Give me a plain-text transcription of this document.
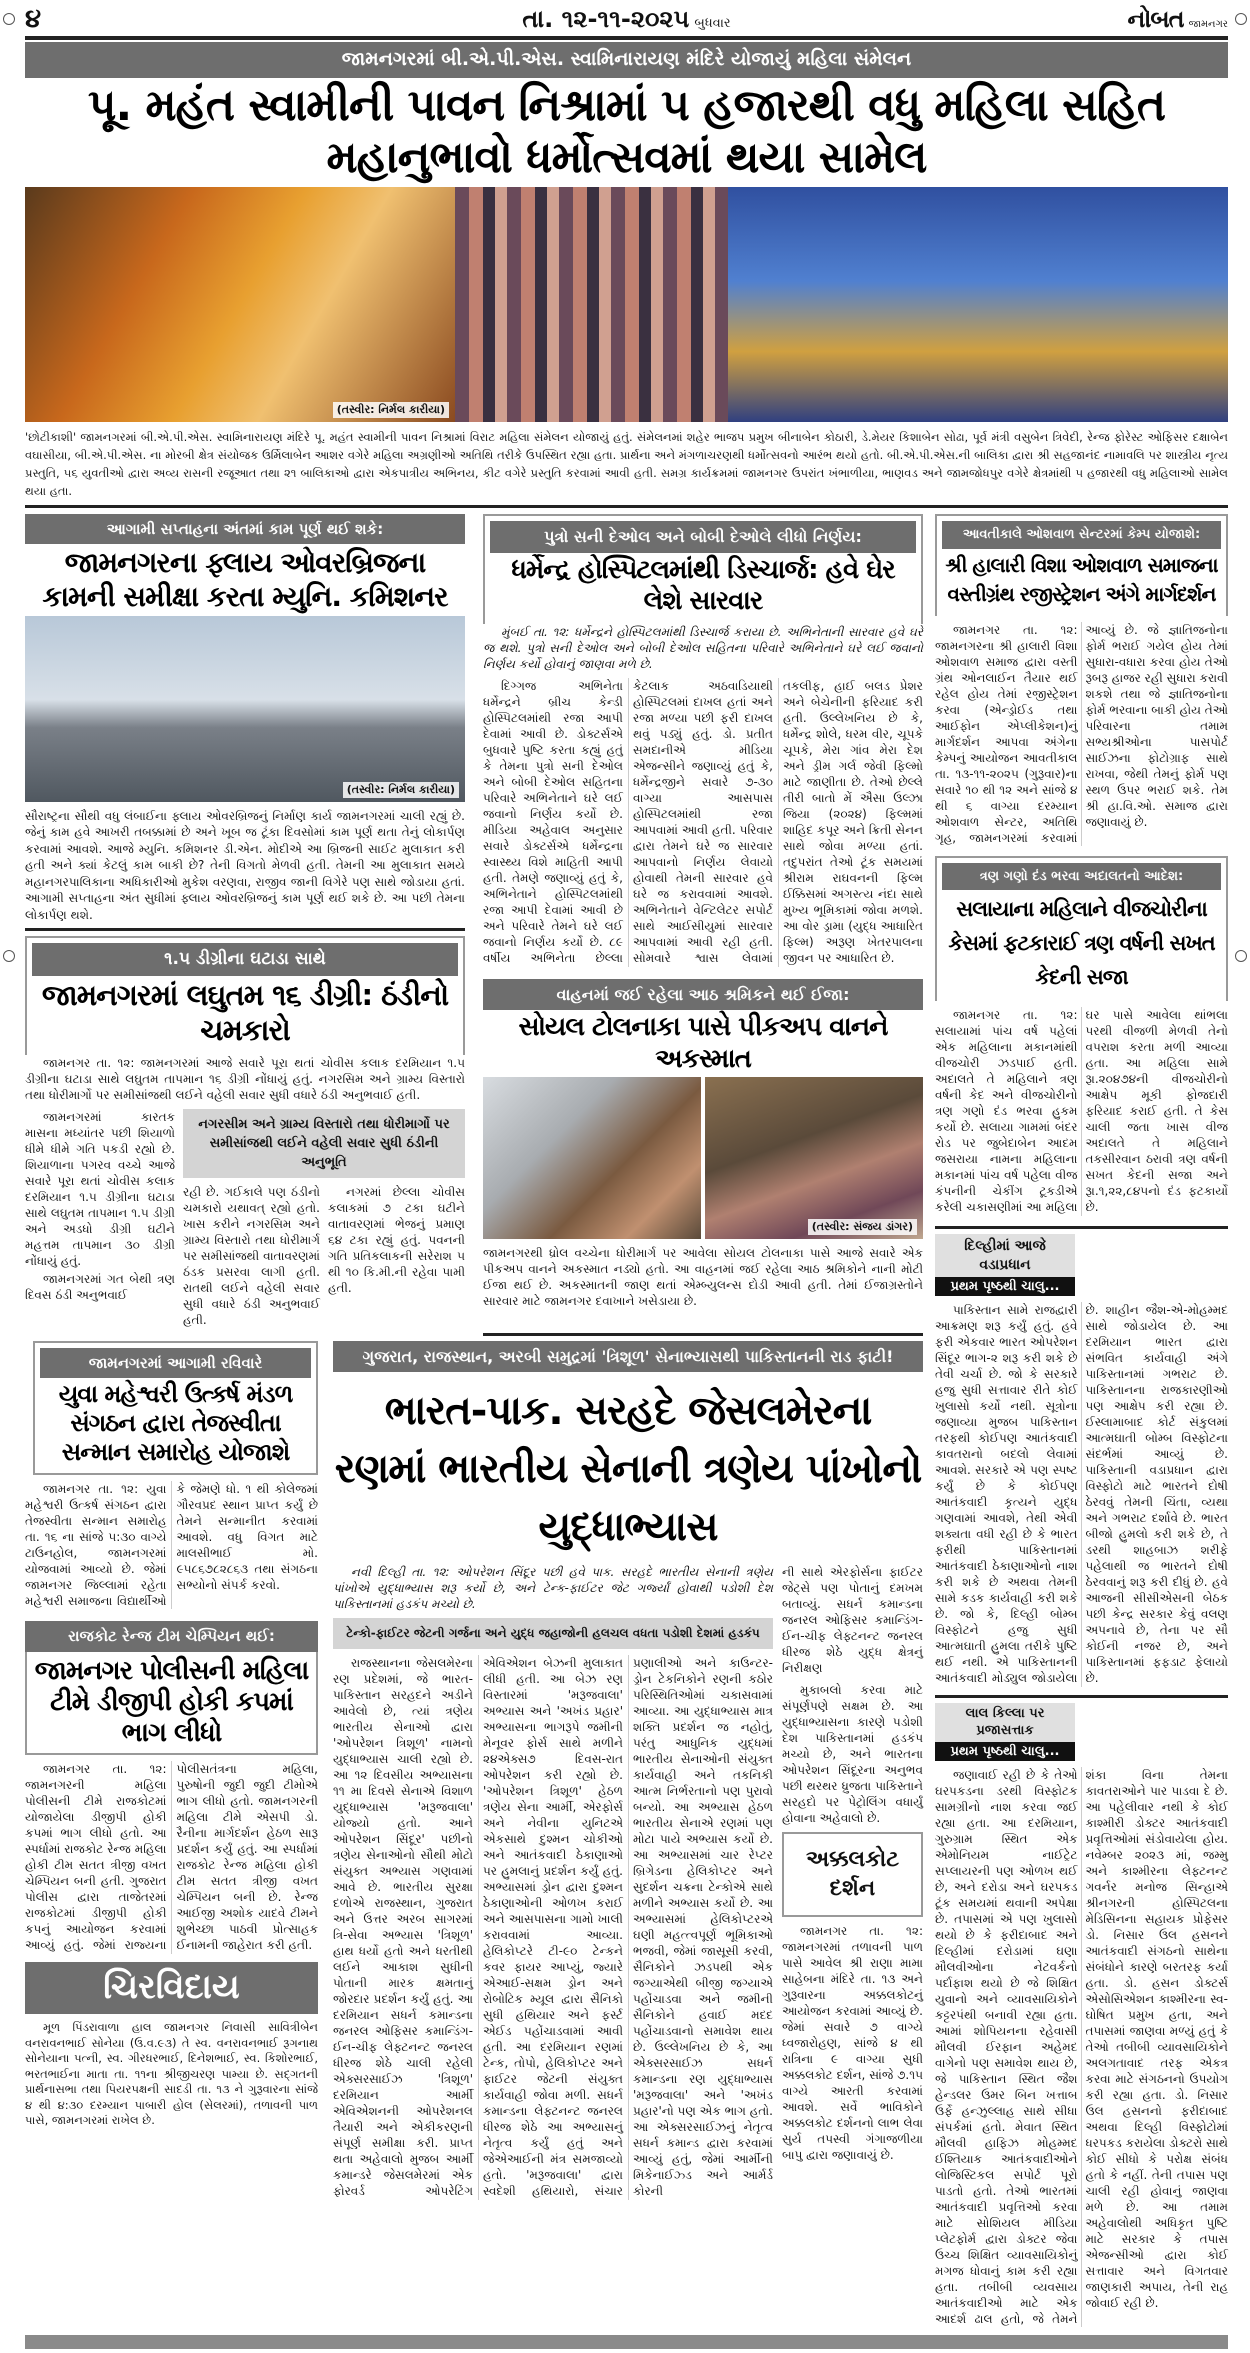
૪	તા. ૧૨-૧૧-૨૦૨૫ બુધવાર	નોબત જામનગર
જામનગરમાં બી.એ.પી.એસ. સ્વામિનારાયણ મંદિરે યોજાયું મહિલા સંમેલન
પૂ. મહંત સ્વામીની પાવન નિશ્રામાં ૫ હજારથી વધુ મહિલા સહિત મહાનુભાવો ધર્મોત્સવમાં થયા સામેલ
(તસ્વીર: નિર્મલ કારીયા)
'છોટીકાશી' જામનગરમાં બી.એ.પી.એસ. સ્વામિનારાયણ મંદિરે પૂ. મહંત સ્વામીની પાવન નિશ્રામાં વિરાટ મહિલા સંમેલન યોજાયું હતું. સંમેલનમાં શહેર ભાજપ પ્રમુખ બીનાબેન કોઠારી, ડે.મેયર કિશાબેન સોઢા, પૂર્વ મંત્રી વસુબેન ત્રિવેદી, રેન્જ ફોરેસ્ટ ઓફિસર દક્ષાબેન વઘાસીયા, બી.એ.પી.એસ. ના મોરબી ક્ષેત્ર સંયોજક ઉર્મિલાબેન આશર વગેરે મહિલા અગ્રણીઓ અતિથિ તરીકે ઉપસ્થિત રહ્યા હતા. પ્રાર્થના અને મંગળાચરણથી ધર્મોત્સવનો આરંભ થયો હતો. બી.એ.પી.એસ.ની બાલિકા દ્વારા શ્રી સહજાનંદ નામાવલિ પર શાસ્ત્રીય નૃત્ય પ્રસ્તુતિ, ૫૬ યુવતીઓ દ્વારા અવ્ય રાસની રજૂઆત તથા ૨૧ બાલિકાઓ દ્વારા એકપાત્રીય અભિનય, કીટ વગેરે પ્રસ્તુતિ કરવામાં આવી હતી. સમગ્ર કાર્યક્રમમાં જામનગર ઉપરાંત ખંભાળીયા, ભાણવડ અને જામજોધપુર વગેરે ક્ષેત્રમાંથી ૫ હજારથી વધુ મહિલાઓ સામેલ થયા હતા.
આગામી સપ્તાહના અંતમાં કામ પૂર્ણ થઈ શકે:
જામનગરના ફ્લાય ઓવરબ્રિજના કામની સમીક્ષા કરતા મ્યુનિ. કમિશનર
(તસ્વીર: નિર્મલ કારીયા)
સૌરાષ્ટ્રના સૌથી વધુ લંબાઈના ફ્લાય ઓવરબ્રિજનું નિર્માણ કાર્ય જામનગરમાં ચાલી રહ્યું છે. જેનું કામ હવે આખરી તબક્કામાં છે અને ખૂબ જ ટૂંકા દિવસોમાં કામ પૂર્ણ થતા તેનું લોકાર્પણ કરવામાં આવશે. આજે મ્યુનિ. કમિશનર ડી.એન. મોદીએ આ બ્રિજની સાઈટ મુલાકાત કરી હતી અને ક્યાં કેટલું કામ બાકી છે? તેની વિગતો મેળવી હતી. તેમની આ મુલાકાત સમયે મહાનગરપાલિકાના અધિકારીઓ મુકેશ વરણવા, રાજીવ જાની વિગેરે પણ સાથે જોડાયા હતાં. આગામી સપ્તાહના અંત સુધીમાં ફ્લાય ઓવરબ્રિજનું કામ પૂર્ણ થઈ શકે છે. આ પછી તેમના લોકાર્પણ થશે.
૧.૫ ડીગ્રીના ઘટાડા સાથે
જામનગરમાં લઘુતમ ૧૬ ડીગ્રી: ઠંડીનો ચમકારો

જામનગર તા. ૧૨: જામનગરમાં આજે સવારે પૂરા થતાં ચોવીસ કલાક દરમિયાન ૧.૫ ડીગ્રીના ઘટાડા સાથે લઘુતમ તાપમાન ૧૬ ડીગ્રી નોંધાયું હતું. નગરસિમ અને ગ્રામ્ય વિસ્તારો તથા ધોરીમાર્ગો પર સમીસાંજથી લઈને વહેલી સવાર સુધી વધારે ઠંડી અનુભવાઈ હતી.

જામનગરમાં કારતક માસના મધ્યાંતર પછી શિયાળો ધીમે ધીમે ગતિ પકડી રહ્યો છે. શિયાળાના પગરવ વચ્ચે આજે સવારે પૂરા થતાં ચોવીસ કલાક દરમિયાન ૧.૫ ડીગ્રીના ઘટાડા સાથે લઘુતમ તાપમાન ૧.૫ ડીગ્રી અને અડધો ડીગ્રી ઘટીને મહત્તમ તાપમાન ૩૦ ડીગ્રી નોંધાયું હતું.

જામનગરમાં ગત બેથી ત્રણ દિવસ ઠંડી અનુભવાઈ

નગરસીમ અને ગ્રામ્ય વિસ્તારો તથા ધોરીમાર્ગો પર સમીસાંજથી લઈને વહેલી સવાર સુધી ઠંડીની અનુભૂતિ
રહી છે. ગઈકાલે પણ ઠંડીનો ચમકારો યથાવત્ રહ્યો હતો. ખાસ કરીને નગરસિમ અને ગ્રામ્ય વિસ્તારો તથા ધોરીમાર્ગ પર સમીસાંજથી વાતાવરણમાં ઠંડક પ્રસરવા લાગી હતી. રાતથી લઈને વહેલી સવાર સુધી વધારે ઠંડી અનુભવાઈ હતી.

નગરમાં છેલ્લા ચોવીસ કલાકમાં ૭ ટકા ઘટીને વાતાવરણમાં ભેજનું પ્રમાણ ૬૪ ટકા રહ્યું હતું. પવનની ગતિ પ્રતિકલાકની સરેરાશ ૫ થી ૧૦ કિ.મી.ની રહેવા પામી હતી.

પુત્રો સની દેઓલ અને બોબી દેઓલે લીધો નિર્ણય:
ધર્મેન્દ્ર હોસ્પિટલમાંથી ડિસ્ચાર્જ: હવે ઘેર લેશે સારવાર

મુંબઈ તા. ૧૨: ધર્મેન્દ્રને હોસ્પિટલમાંથી ડિસ્ચાર્જ કરાયા છે. અભિનેતાની સારવાર હવે ઘરે જ થશે. પુત્રો સની દેઓલ અને બોબી દેઓલ સહિતના પરિવારે અભિનેતાને ઘરે લઈ જવાનો નિર્ણય કર્યો હોવાનું જાણવા મળે છે.

દિગ્ગજ અભિનેતા ધર્મેન્દ્રને બ્રીચ કેન્ડી હોસ્પિટલમાંથી રજા આપી દેવામાં આવી છે. ડોક્ટર્સએ બુધવારે પુષ્ટિ કરતા કહ્યું હતું કે તેમના પુત્રો સની દેઓલ અને બોબી દેઓલ સહિતના પરિવારે અભિનેતાને ઘરે લઈ જવાનો નિર્ણય કર્યો છે. મીડિયા અહેવાલ અનુસાર સવારે ડોક્ટર્સએ ધર્મેન્દ્રના સ્વાસ્થ્ય વિશે માહિતી આપી હતી. તેમણે જણાવ્યું હતું કે, અભિનેતાને હોસ્પિટલમાંથી રજા આપી દેવામાં આવી છે અને પરિવારે તેમને ઘરે લઈ જવાનો નિર્ણય કર્યો છે. ૮૯ વર્ષીય અભિનેતા છેલ્લા કેટલાક અઠવાડિયાથી હોસ્પિટલમાં દાખલ હતાં અને રજા મળ્યા પછી ફરી દાખલ થવું પડ્યું હતું. ડો. પ્રતીત સમદાનીએ મીડિયા એજન્સીને જણાવ્યું હતું કે, ધર્મેન્દ્રજીને સવારે ૭-૩૦ વાગ્યા આસપાસ હોસ્પિટલમાંથી રજા આપવામાં આવી હતી. પરિવાર દ્વારા તેમને ઘરે જ સારવાર આપવાનો નિર્ણય લેવાયો હોવાથી તેમની સારવાર હવે ઘરે જ કરાવવામાં આવશે. અભિનેતાને વેન્ટિલેટર સપોર્ટ સાથે આઈસીયુમાં સારવાર આપવામાં આવી રહી હતી. સોમવારે શ્વાસ લેવામાં તકલીફ, હાઈ બલડ પ્રેશર અને બેચેનીની ફરિયાદ કરી હતી. ઉલ્લેખનિય છે કે, ધર્મેન્દ્ર શોલે, ધરમ વીર, ચૂપકે ચૂપકે, મેરા ગાંવ મેરા દેશ અને ડ્રીમ ગર્લ જેવી ફિલ્મો માટે જાણીતા છે. તેઓ છેલ્લે તીરી બાતો મેં ઐસા ઉલ્ઝા જિયા (૨૦૨૪) ફિલ્મમાં શાહિદ કપૂર અને ક્રિતી સેનન સાથે જોવા મળ્યા હતાં. તદુપરાંત તેઓ ટૂંક સમયમાં શ્રીરામ રાઘવનની ફિલ્મ ઈક્કિસમાં અગસ્ત્ય નંદા સાથે મુખ્ય ભૂમિકામાં જોવા મળશે. આ વોર ડ્રામા (યુદ્ધ આધારિત ફિલ્મ) અરૂણ ખેતરપાલના જીવન પર આધારિત છે.

વાહનમાં જઈ રહેલા આઠ શ્રમિકને થઈ ઈજા:
સોયલ ટોલનાકા પાસે પીકઅપ વાનને અકસ્માત
(તસ્વીર: સંજય ડાંગર)
જામનગરથી ધ્રોલ વચ્ચેના ધોરીમાર્ગ પર આવેલા સોયલ ટોલનાકા પાસે આજે સવારે એક પીકઅપ વાનને અકસ્માત નડ્યો હતો. આ વાહનમાં જઈ રહેલા આઠ શ્રમિકોને નાની મોટી ઈજા થઈ છે. અકસ્માતની જાણ થતાં એમ્બ્યુલન્સ દોડી આવી હતી. તેમાં ઈજાગ્રસ્તોને સારવાર માટે જામનગર દવાખાને ખસેડાયા છે.
જામનગરમાં આગામી રવિવારે
યુવા મહેશ્વરી ઉત્કર્ષ મંડળ સંગઠન દ્વારા તેજસ્વીતા સન્માન સમારોહ યોજાશે

જામનગર તા. ૧૨: યુવા મહેશ્વરી ઉત્કર્ષ સંગઠન દ્વારા તેજસ્વીતા સન્માન સમારોહ તા. ૧૬ ના સાંજે ૫:૩૦ વાગ્યે ટાઉનહોલ, જામનગરમાં યોજવામાં આવ્યો છે. જેમાં જામનગર જિલ્લામાં રહેતા મહેશ્વરી સમાજના વિદ્યાર્થીઓ કે જેમણે ધો. ૧ થી કોલેજમાં ગૌરવપ્રદ સ્થાન પ્રાપ્ત કર્યું છે તેમને સન્માનીત કરવામાં આવશે. વધુ વિગત માટે માલસીભાઈ મો. ૯૫૮૬૭૮૨૮૬૩ તથા સંગઠના સભ્યોનો સંપર્ક કરવો.

રાજકોટ રેન્જ ટીમ ચેમ્પિયન થઈ:
જામનગર પોલીસની મહિલા ટીમે ડીજીપી હોકી કપમાં ભાગ લીધો

જામનગર તા. ૧૨: જામનગરની મહિલા પોલીસની ટીમે રાજકોટમાં યોજાયેલા ડીજીપી હોકી કપમાં ભાગ લીધો હતો. આ સ્પર્ધામાં રાજકોટ રેન્જ મહિલા હોકી ટીમ સતત ત્રીજી વખત ચેમ્પિયન બની હતી. ગુજરાત પોલીસ દ્વારા તાજેતરમાં રાજકોટમાં ડીજીપી હોકી કપનું આયોજન કરવામાં આવ્યું હતું. જેમાં રાજ્યના પોલીસતંત્રના મહિલા, પુરુષોની જુદી જુદી ટીમોએ ભાગ લીધો હતો. જામનગરની મહિલા ટીમે એસપી ડો. રૈનીના માર્ગદર્શન હેઠળ સારૂ પ્રદર્શન કર્યું હતું. આ સ્પર્ધામાં રાજકોટ રેન્જ મહિલા હોકી ટીમ સતત ત્રીજી વખત ચેમ્પિયન બની છે. રેન્જ આઈજી અશોક યાદવે ટીમને શુભેચ્છા પાઠવી પ્રોત્સાહક ઈનામની જાહેરાત કરી હતી.

ચિરવિદાય

મૂળ પિંડરાવાળા હાલ જામનગર નિવાસી સાવિત્રીબેન વનરાવનભાઈ સોનેયા (ઉ.વ.૯૩) તે સ્વ. વનરાવનભાઈ રૂગનાથ સોનેયાના પત્ની, સ્વ. ગીરધરભાઈ, દિનેશભાઈ, સ્વ. કિશોરભાઈ, ભરતભાઈના માતા તા. ૧૧ના શ્રીજીચરણ પામ્યા છે. સદ્ગતની પ્રાર્થનાસભા તથા પિયરપક્ષની સાદડી તા. ૧૩ ને ગુરૂવારના સાંજે ૪ થી ૪:૩૦ દરમ્યાન પાબારી હોલ (સેલરમાં), તળાવની પાળ પાસે, જામનગરમાં રાખેલ છે.

ગુજરાત, રાજસ્થાન, અરબી સમુદ્રમાં 'ત્રિશૂળ' સેનાભ્યાસથી પાકિસ્તાનની રાડ ફાટી!
ભારત-પાક. સરહદે જેસલમેરના રણમાં ભારતીય સેનાની ત્રણેય પાંખોનો યુદ્ધાભ્યાસ

નવી દિલ્હી તા. ૧૨: ઓપરેશન સિંદૂર પછી હવે પાક. સરહદે ભારતીય સેનાની ત્રણેય પાંખોએ યુદ્ધાભ્યાસ શરૂ કર્યો છે, અને ટેન્ક-ફાઈટર જેટ ગર્જ્યાં હોવાથી પડોશી દેશ પાકિસ્તાનમાં હડકંપ મચ્યો છે.

ટેન્કો-ફાઈટર જેટની ગર્જના અને યુદ્ધ જહાજોની હલચલ વધતા પડોશી દેશમાં હડકંપ

રાજસ્થાનના જેસલમેરના રણ પ્રદેશમાં, જે ભારત-પાકિસ્તાન સરહદને અડીને આવેલો છે, ત્યાં ત્રણેય ભારતીય સેનાઓ દ્વારા 'ઓપરેશન ત્રિશૂળ' નામનો યુદ્ધાભ્યાસ ચાલી રહ્યો છે. આ ૧૨ દિવસીય અભ્યાસના ૧૧ મા દિવસે સેનાએ વિશાળ યુદ્ધાભ્યાસ 'મરૂજવાલા' યોજ્યો હતો. આને ઓપરેશન સિંદૂર' પછીનો ત્રણેય સેનાઓનો સૌથી મોટો સંયુક્ત અભ્યાસ ગણવામાં આવે છે. ભારતીય સુરક્ષા દળોએ રાજસ્થાન, ગુજરાત અને ઉત્તર અરબ સાગરમાં ત્રિ-સેવા અભ્યાસ 'ત્રિશૂળ' હાથ ધર્યો હતો અને ધરતીથી લઈને આકાશ સુધીની પોતાની મારક ક્ષમતાનું જોરદાર પ્રદર્શન કર્યું હતું. આ દરમિયાન સધર્ન કમાન્ડના જનરલ ઓફિસર કમાન્ડિંગ-ઈન-ચીફ લેફ્ટનન્ટ જનરલ ધીરજ શેઠે ચાલી રહેલી એક્સરસાઈઝ 'ત્રિશૂળ' દરમિયાન આર્મી એવિએશનની ઓપરેશનલ તૈયારી અને એકીકરણની સંપૂર્ણ સમીક્ષા કરી. પ્રાપ્ત થતા અહેવાલો મુજબ આર્મી કમાન્ડરે જેસલમેરમાં એક ફોરવર્ડ ઓપરેટિંગ એવિએશન બેઝની મુલાકાત લીધી હતી. આ બેઝ રણ વિસ્તારમાં 'મરૂજવાલા' અભ્યાસ અને 'અખંડ પ્રહાર' અભ્યાસના ભાગરૂપે જમીની મેનૂવર ફોર્સ સાથે મળીને ૨૪એક્સ૭ દિવસ-રાત ઓપરેશન કરી રહ્યો છે. 'ઓપરેશન ત્રિશૂળ' હેઠળ ત્રણેય સેના આર્મી, એરફોર્સ અને નેવીના યુનિટએ એકસાથે દુશ્મન ચોકીઓ અને આતંકવાદી ઠેકાણાઓ પર હુમલાનું પ્રદર્શન કર્યું હતું. અભ્યાસમાં ડ્રોન દ્વારા દુશ્મન ઠેકાણાઓની ઓળખ કરાઈ અને આસપાસના ગામો ખાલી કરાવવામાં આવ્યા. હેલિકોપ્ટરે ટી-૯૦ ટેન્કને કવર ફાયર આપ્યું, જ્યારે એઆઈ-સક્ષમ ડ્રોન અને રોબોટિક મ્યૂલ દ્વારા સૈનિકો સુધી હથિયાર અને ફર્સ્ટ એઈડ પહોંચાડવામાં આવી હતી. આ દરમિયાન રણમાં ટેન્ક, તોપો, હેલિકોપ્ટર અને ફાઈટર જેટની સંયુક્ત કાર્યવાહી જોવા મળી. સધર્ન કમાન્ડના લેફ્ટનન્ટ જનરલ ધીરજ શેઠે આ અભ્યાસનું નેતૃત્વ કર્યું હતું અને જેએઆઈની મંત્ર સમજાવ્યો હતો. 'મરૂજવાલા' દ્વારા સ્વદેશી હથિયારો, સંચાર પ્રણાલીઓ અને કાઉન્ટર-ડ્રોન ટેકનિકોને રણની કઠોર પરિસ્થિતિઓમાં ચકાસવામાં આવ્યા. આ યુદ્ધાભ્યાસ માત્ર શક્તિ પ્રદર્શન જ નહોતું, પરંતુ આધુનિક યુદ્ધમાં ભારતીય સેનાઓની સંયુક્ત કાર્યવાહી અને તકનિકી આત્મ નિર્ભરતાનો પણ પુરાવો બન્યો. આ અભ્યાસ હેઠળ ભારતીય સેનાએ રણમાં પણ મોટા પાયે અભ્યાસ કર્યો છે. આ અભ્યાસમાં ચાર રેપ્ટર બ્રિગેડના હેલિકોપ્ટર અને સુદર્શન ચક્રના ટેન્કોએ સાથે મળીને અભ્યાસ કર્યો છે. આ અભ્યાસમાં હેલિકોપ્ટરએ ઘણી મહત્ત્વપૂર્ણ ભૂમિકાઓ ભજવી, જેમાં જાસૂસી કરવી, સૈનિકોને ઝડપથી એક જગ્યાએથી બીજી જગ્યાએ પહોંચાડવા અને જમીની સૈનિકોને હવાઈ મદદ પહોંચાડવાનો સમાવેશ થાય છે. ઉલ્લેખનિય છે કે, આ એક્સરસાઈઝ સધર્ન કમાન્ડના રણ યુદ્ધાભ્યાસ 'મરૂજવાલા' અને 'અખંડ પ્રહાર'નો પણ એક ભાગ હતો. આ એક્સરસાઈઝનું નેતૃત્વ સધર્ન કમાન્ડ દ્વારા કરવામાં આવ્યું હતું, જેમાં આર્મીની મિકેનાઈઝ્ડ અને આર્મર્ડ કોરની

ની સાથે એરફોર્સના ફાઈટર જેટ્સે પણ પોતાનું દમખમ બતાવ્યું. સધર્ન કમાન્ડના જનરલ ઓફિસર કમાન્ડિંગ-ઈન-ચીફ લેફ્ટનન્ટ જનરલ ધીરજ શેઠે યુદ્ધ ક્ષેત્રનું નિરીક્ષણ

મુકાબલો કરવા માટે સંપૂર્ણપણે સક્ષમ છે. આ યુદ્ધાભ્યાસના કારણે પડોશી દેશ પાકિસ્તાનમાં હડકંપ મચ્યો છે, અને ભારતના ઓપરેશન સિંદૂરના અનુભવ પછી થરથર ધ્રુજતા પાકિસ્તાને સરહદો પર પેટ્રોલિંગ વધાર્યું હોવાના અહેવાલો છે.

અક્કલકોટ દર્શન

જામનગર તા. ૧૨: જામનગરમાં તળાવની પાળ પાસે આવેલ શ્રી રાણા મામા સાહેબના મંદિરે તા. ૧૩ અને ગુરૂવારના અક્કલકોટનું આયોજન કરવામાં આવ્યું છે. જેમાં સવારે ૭ વાગ્યે ધ્વજારોહણ, સાંજે ૪ થી રાત્રિના ૯ વાગ્યા સુધી અક્કલકોટ દર્શન, સાંજે ૭.૧૫ વાગ્યે આરતી કરવામાં આવશે. સર્વે ભાવિકોને અક્કલકોટ દર્શનનો લાભ લેવા સુર્ય તપસ્વી ગંગાજળીયા બાપુ દ્વારા જણાવાયું છે.

આવતીકાલે ઓશવાળ સેન્ટરમાં કેમ્પ યોજાશે:
શ્રી હાલારી વિશા ઓશવાળ સમાજના વસ્તીગ્રંથ રજીસ્ટ્રેશન અંગે માર્ગદર્શન

જામનગર તા. ૧૨: જામનગરના શ્રી હાલારી વિશા ઓશવાળ સમાજ દ્વારા વસ્તી ગ્રંથ ઓનલાઈન તૈયાર થઈ રહેલ હોય તેમાં રજીસ્ટ્રેશન કરવા (એન્ડ્રોઈડ તથા આઈફોન એપ્લીકેશન)નું માર્ગદર્શન આપવા અંગેના કેમ્પનું આયોજન આવતીકાલ તા. ૧૩-૧૧-૨૦૨૫ (ગુરૂવાર)ના સવારે ૧૦ થી ૧૨ અને સાંજે ૪ થી ૬ વાગ્યા દરમ્યાન ઓશવાળ સેન્ટર, અતિથિ ગૃહ, જામનગરમાં કરવામાં આવ્યું છે. જે જ્ઞાતિજનોના ફોર્મ ભરાઈ ગયેલ હોય તેમાં સુધારા-વધારા કરવા હોય તેઓ રૂબરૂ હાજર રહી સુધારા કરાવી શકશે તથા જે જ્ઞાતિજનોના ફોર્મ ભરવાના બાકી હોય તેઓ પરિવારના તમામ સભ્યશ્રીઓના પાસપોર્ટ સાઈઝના ફોટોગ્રાફ સાથે રાખવા, જેથી તેમનું ફોર્મ પણ સ્થળ ઉપર ભરાઈ શકે. તેમ શ્રી હા.વિ.ઓ. સમાજ દ્વારા જણાવાયું છે.

ત્રણ ગણો દંડ ભરવા અદાલતનો આદેશ:
સલાયાના મહિલાને વીજચોરીના કેસમાં ફટકારાઈ ત્રણ વર્ષની સખત કેદની સજા

જામનગર તા. ૧૨: સલાયામાં પાંચ વર્ષ પહેલાં એક મહિલાના મકાનમાંથી વીજચોરી ઝડપાઈ હતી. અદાલતે તે મહિલાને ત્રણ વર્ષની કેદ અને વીજચોરીનો ત્રણ ગણો દંડ ભરવા હુકમ કર્યો છે. સલાયા ગામમાં બંદર રોડ પર જુબેદાબેન આદમ જસરાયા નામના મહિલાના મકાનમાં પાંચ વર્ષ પહેલા વીજ કંપનીની ચેકીંગ ટૂકડીએ કરેલી ચકાસણીમાં આ મહિલા ઘર પાસે આવેલા થાંભલા પરથી વીજળી મેળવી તેનો વપરાશ કરતા મળી આવ્યા હતા. આ મહિલા સામે રૂા.૨૦૪૭૪ની વીજચોરીનો આક્ષેપ મૂકી ફોજદારી ફરિયાદ કરાઈ હતી. તે કેસ ચાલી જતા ખાસ વીજ અદાલતે તે મહિલાને તકસીરવાન ઠરાવી ત્રણ વર્ષની સખત કેદની સજા અને રૂા.૧,૨૨,૮૪૫નો દંડ ફટકાર્યો છે.

દિલ્હીમાં આજે વડાપ્રધાન
પ્રથમ પૃષ્ઠથી ચાલુ...

પાકિસ્તાન સામે રાજદ્વારી આક્રમણ શરૂ કર્યું હતું. હવે ફરી એકવાર ભારત ઓપરેશન સિંદૂર ભાગ-૨ શરૂ કરી શકે છે તેવી ચર્ચા છે. જો કે સરકારે હજુ સુધી સત્તાવાર રીતે કોઈ ખુલાસો કર્યો નથી. સૂત્રોના જણાવ્યા મુજબ પાકિસ્તાન તરફથી કોઈપણ આતંકવાદી કાવતરાનો બદલો લેવામાં આવશે. સરકારે એ પણ સ્પષ્ટ કર્યું છે કે કોઈપણ આતંકવાદી કૃત્યને યુદ્ધ ગણવામાં આવશે, તેથી એવી શક્યતા વધી રહી છે કે ભારત ફરીથી પાકિસ્તાનમાં આતંકવાદી ઠેકાણાઓનો નાશ કરી શકે છે અથવા તેમની સામે કડક કાર્યવાહી કરી શકે છે. જો કે, દિલ્હી બોમ્બ વિસ્ફોટને હજુ સુધી આત્મઘાતી હુમલા તરીકે પુષ્ટિ થઈ નથી. એ પાકિસ્તાનની આતંકવાદી મોડ્યુલ જોડાયેલા છે. શાહીન જૈશ-એ-મોહમ્મદ સાથે જોડાયેલ છે. આ દરમિયાન ભારત દ્વારા સંભવિત કાર્યવાહી અંગે પાકિસ્તાનમાં ગભરાટ છે. પાકિસ્તાનના રાજકારણીઓ પણ આક્ષેપ કરી રહ્યા છે. ઈસ્લામાબાદ કોર્ટ સંકુલમાં આત્મઘાતી બોમ્બ વિસ્ફોટના સંદર્ભમાં આવ્યું છે. પાકિસ્તાની વડાપ્રધાન દ્વારા વિસ્ફોટો માટે ભારતને દોષી ઠેરવવું તેમની ચિંતા, વ્યથા અને ગભરાટ દર્શાવે છે. ભારત બીજો હુમલો કરી શકે છે, તે ડરથી શાહબાઝ શરીફે પહેલાથી જ ભારતને દોષી ઠેરવવાનું શરૂ કરી દીધું છે. હવે આજની સીસીએસની બેઠક પછી કેન્દ્ર સરકાર કેવું વલણ અપનાવે છે, તેના પર સૌ કોઈની નજર છે, અને પાકિસ્તાનમાં ફફડાટ ફેલાયો છે.

લાલ કિલ્લા પર પ્રજાસત્તાક
પ્રથમ પૃષ્ઠથી ચાલુ...

જણાવાઈ રહી છે કે તેઓ ઘરપકડના ડરથી વિસ્ફોટક સામગ્રીનો નાશ કરવા જઈ રહ્યા હતા. આ દરમિયાન, ગુરુગ્રામ સ્થિત એક એમોનિયમ નાઈટ્રેટ સપ્લાયરની પણ ઓળખ થઈ છે, અને દરોડા અને ઘરપકડ ટૂંક સમયમાં થવાની અપેક્ષા છે. તપાસમાં એ પણ ખુલાસો થયો છે કે ફરીદાબાદ અને દિલ્હીમાં દરોડામાં ઘણા મૌલવીઓના નેટવર્કનો પર્દાફાશ થયો છે જે શિક્ષિત યુવાનો અને વ્યાવસાયિકોને કટ્ટરપંથી બનાવી રહ્યા હતા. આમાં શોપિયનના રહેવાસી મૌલવી ઈરફાન અહેમદ વાગેનો પણ સમાવેશ થાય છે, જે પાકિસ્તાન સ્થિત જૈશ હેન્ડલર ઉમર બિન ખત્તાબ ઉર્ફે હન્ઝુલ્લાહ સાથે સીધા સંપર્કમાં હતો. મેવાત સ્થિત મૌલવી હાફિઝ મોહમ્મદ ઈશ્તિયાક આતંકવાદીઓને લોજિસ્ટિકલ સપોર્ટ પૂરો પાડતો હતો. તેઓ ભારતમાં આતંકવાદી પ્રવૃત્તિઓ કરવા માટે સોશિયલ મીડિયા પ્લેટફોર્મ દ્વારા ડોક્ટર જેવા ઉચ્ચ શિક્ષિત વ્યાવસાયિકોનું મગજ ધોવાનું કામ કરી રહ્યા હતા. તબીબી વ્યવસાય આતંકવાદીઓ માટે એક આદર્શ ઢાલ હતો, જે તેમને શંકા વિના તેમના કાવતરાઓને પાર પાડવા દે છે. આ પહેલીવાર નથી કે કોઈ કાશ્મીરી ડોક્ટર આતંકવાદી પ્રવૃત્તિઓમાં સંડોવાયેલા હોય. નવેમ્બર ૨૦૨૩ માં, જમ્મુ અને કાશ્મીરના લેફ્ટનન્ટ ગવર્નર મનોજ સિન્હાએ શ્રીનગરની હોસ્પિટલના મેડિસિનના સહાયક પ્રોફેસર ડો. નિસાર ઉલ હસનને આતંકવાદી સંગઠનો સાથેના સંબંધોને કારણે બરતરફ કર્યા હતા. ડો. હસન ડોક્ટર્સ એસોસિએશન કાશ્મીરના સ્વ-ઘોષિત પ્રમુખ હતા, અને તપાસમાં જાણવા મળ્યું હતું કે તેઓ તબીબી વ્યાવસાયિકોને અલગતાવાદ તરફ એકત્ર કરવા માટે સંગઠનનો ઉપયોગ કરી રહ્યા હતા. ડો. નિસાર ઉલ હસનનો ફરીદાબાદ અથવા દિલ્હી વિસ્ફોટોમાં ધરપકડ કરાયેલા ડોક્ટરો સાથે કોઈ સીધો કે પરોક્ષ સંબંધ હતો કે નહીં. તેની તપાસ પણ ચાલી રહી હોવાનું જાણવા મળે છે. આ તમામ અહેવાલોથી અધિકૃત પુષ્ટિ માટે સરકાર કે તપાસ એજન્સીઓ દ્વારા કોઈ સત્તાવાર અને વિગતવાર જાણકારી અપાય, તેની રાહ જોવાઈ રહી છે.
